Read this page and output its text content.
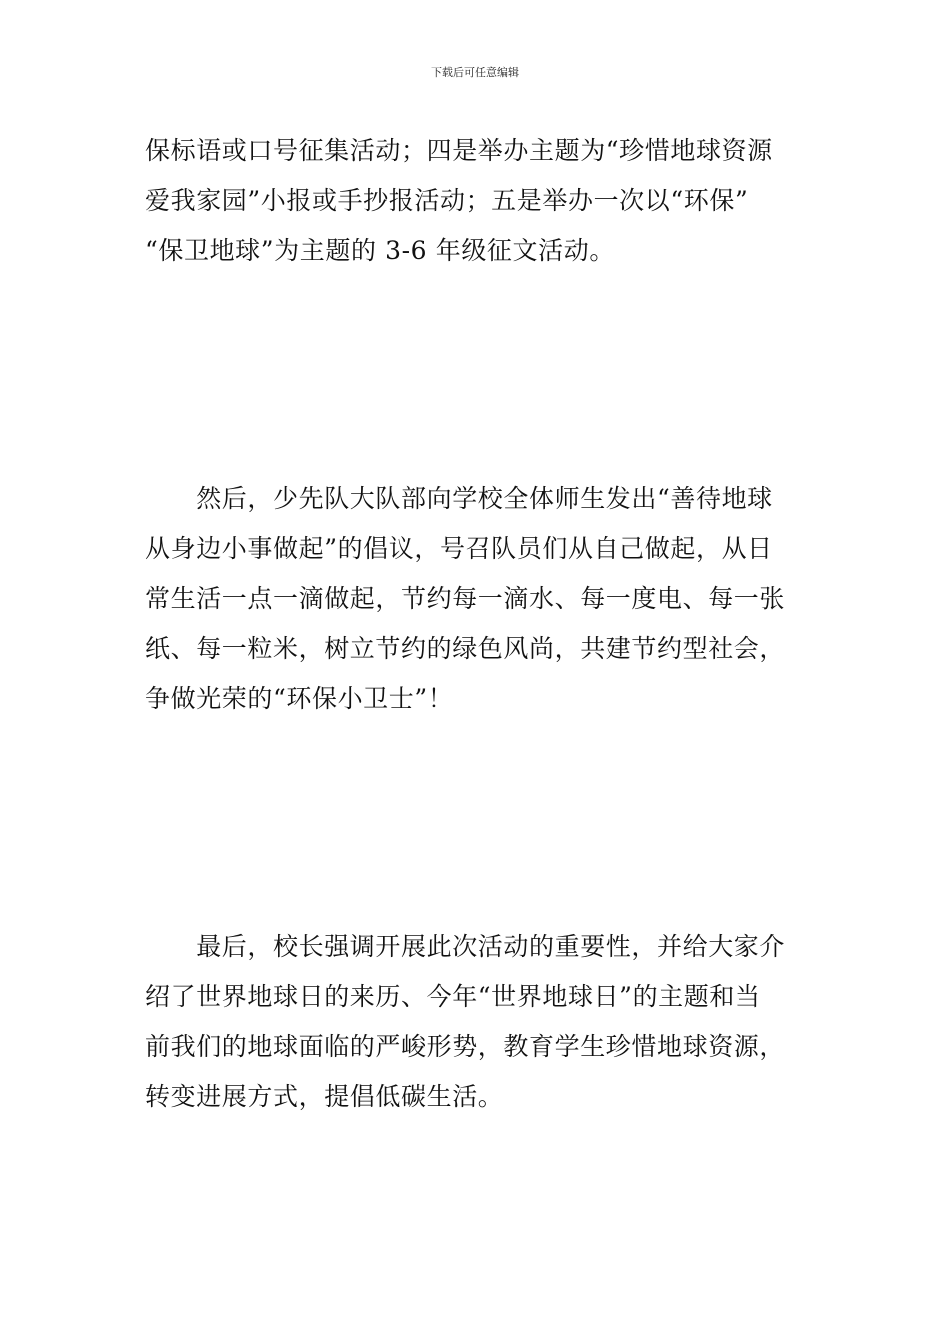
下载后可任意编辑
保标语或口号征集活动；四是举办主题为“珍惜地球资源
爱我家园”小报或手抄报活动；五是举办一次以“环保”
“保卫地球”为主题的 3-6 年级征文活动。
　　然后，少先队大队部向学校全体师生发出“善待地球
从身边小事做起”的倡议，号召队员们从自己做起，从日
常生活一点一滴做起，节约每一滴水、每一度电、每一张
纸、每一粒米，树立节约的绿色风尚，共建节约型社会，
争做光荣的“环保小卫士”！
　　最后，校长强调开展此次活动的重要性，并给大家介
绍了世界地球日的来历、今年“世界地球日”的主题和当
前我们的地球面临的严峻形势，教育学生珍惜地球资源，
转变进展方式，提倡低碳生活。
